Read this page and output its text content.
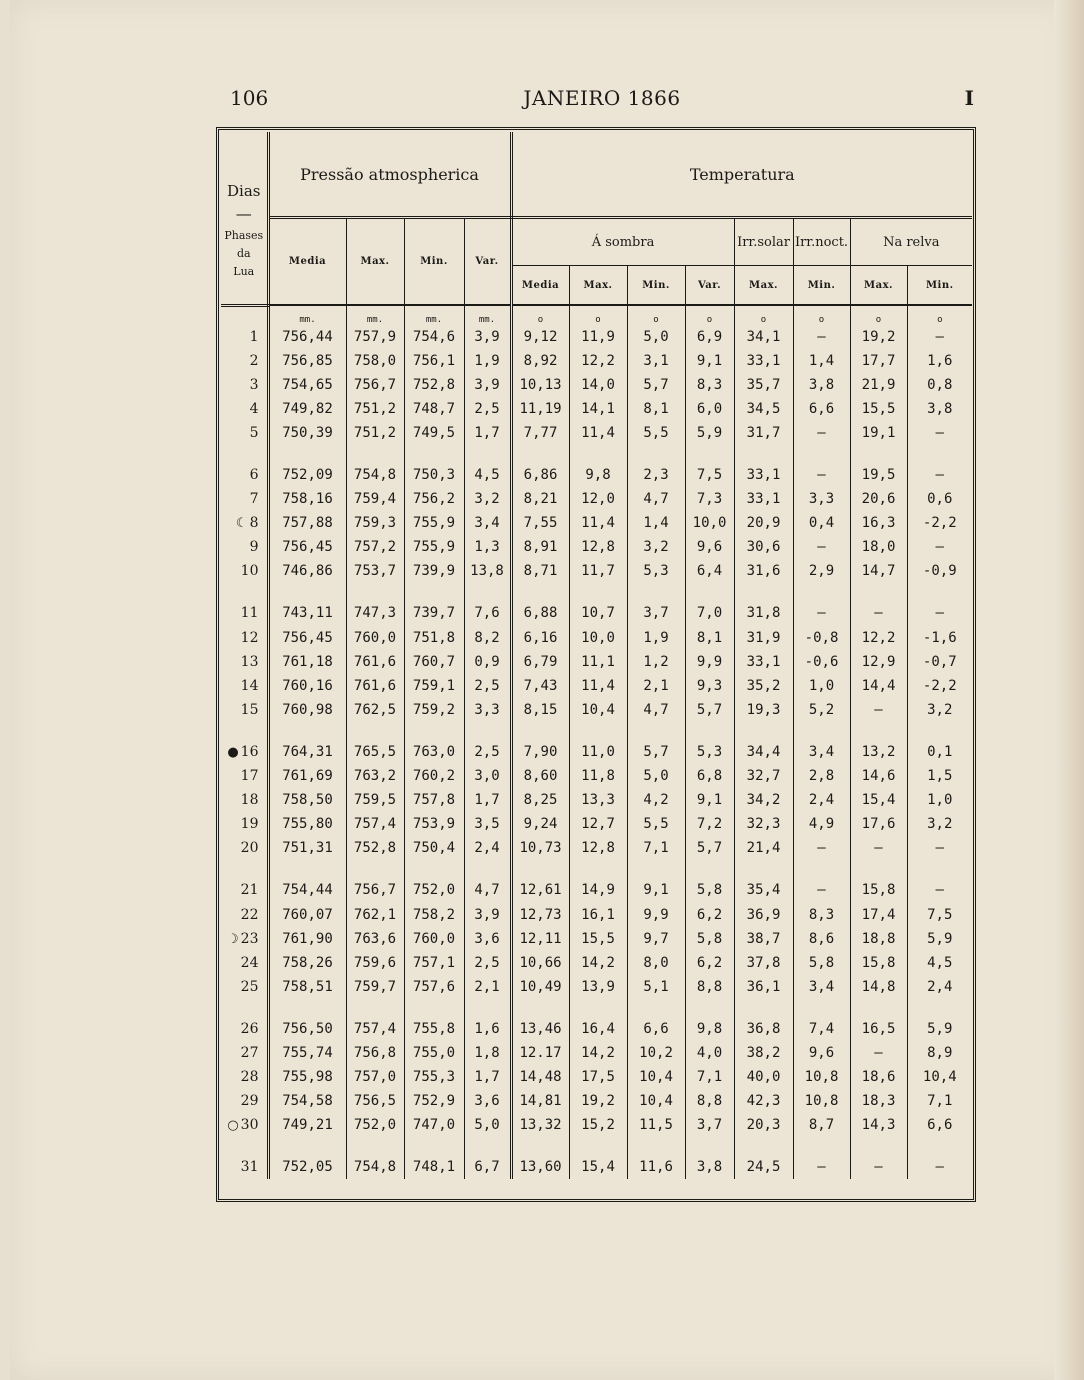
106	JANEIRO 1866	I
Dias
—
Phases
da
Lua	Pressão atmospherica				Temperatura							
	Media	Max.	Min.	Var.	Á sombra				Irr.solar	Irr.noct.	Na relva	
					Media	Max.	Min.	Var.	Max.	Min.	Max.	Min.
	mm.	mm.	mm.	mm.	o	o	o	o	o	o	o	o
1	756,44	757,9	754,6	3,9	9,12	11,9	5,0	6,9	34,1	—	19,2	—
2	756,85	758,0	756,1	1,9	8,92	12,2	3,1	9,1	33,1	1,4	17,7	1,6
3	754,65	756,7	752,8	3,9	10,13	14,0	5,7	8,3	35,7	3,8	21,9	0,8
4	749,82	751,2	748,7	2,5	11,19	14,1	8,1	6,0	34,5	6,6	15,5	3,8
5	750,39	751,2	749,5	1,7	7,77	11,4	5,5	5,9	31,7	—	19,1	—

6	752,09	754,8	750,3	4,5	6,86	9,8	2,3	7,5	33,1	—	19,5	—
7	758,16	759,4	756,2	3,2	8,21	12,0	4,7	7,3	33,1	3,3	20,6	0,6
☾ 8	757,88	759,3	755,9	3,4	7,55	11,4	1,4	10,0	20,9	0,4	16,3	-2,2
9	756,45	757,2	755,9	1,3	8,91	12,8	3,2	9,6	30,6	—	18,0	—
10	746,86	753,7	739,9	13,8	8,71	11,7	5,3	6,4	31,6	2,9	14,7	-0,9

11	743,11	747,3	739,7	7,6	6,88	10,7	3,7	7,0	31,8	—	—	—
12	756,45	760,0	751,8	8,2	6,16	10,0	1,9	8,1	31,9	-0,8	12,2	-1,6
13	761,18	761,6	760,7	0,9	6,79	11,1	1,2	9,9	33,1	-0,6	12,9	-0,7
14	760,16	761,6	759,1	2,5	7,43	11,4	2,1	9,3	35,2	1,0	14,4	-2,2
15	760,98	762,5	759,2	3,3	8,15	10,4	4,7	5,7	19,3	5,2	—	3,2

● 16	764,31	765,5	763,0	2,5	7,90	11,0	5,7	5,3	34,4	3,4	13,2	0,1
17	761,69	763,2	760,2	3,0	8,60	11,8	5,0	6,8	32,7	2,8	14,6	1,5
18	758,50	759,5	757,8	1,7	8,25	13,3	4,2	9,1	34,2	2,4	15,4	1,0
19	755,80	757,4	753,9	3,5	9,24	12,7	5,5	7,2	32,3	4,9	17,6	3,2
20	751,31	752,8	750,4	2,4	10,73	12,8	7,1	5,7	21,4	—	—	—

21	754,44	756,7	752,0	4,7	12,61	14,9	9,1	5,8	35,4	—	15,8	—
22	760,07	762,1	758,2	3,9	12,73	16,1	9,9	6,2	36,9	8,3	17,4	7,5
☽ 23	761,90	763,6	760,0	3,6	12,11	15,5	9,7	5,8	38,7	8,6	18,8	5,9
24	758,26	759,6	757,1	2,5	10,66	14,2	8,0	6,2	37,8	5,8	15,8	4,5
25	758,51	759,7	757,6	2,1	10,49	13,9	5,1	8,8	36,1	3,4	14,8	2,4

26	756,50	757,4	755,8	1,6	13,46	16,4	6,6	9,8	36,8	7,4	16,5	5,9
27	755,74	756,8	755,0	1,8	12.17	14,2	10,2	4,0	38,2	9,6	—	8,9
28	755,98	757,0	755,3	1,7	14,48	17,5	10,4	7,1	40,0	10,8	18,6	10,4
29	754,58	756,5	752,9	3,6	14,81	19,2	10,4	8,8	42,3	10,8	18,3	7,1
○ 30	749,21	752,0	747,0	5,0	13,32	15,2	11,5	3,7	20,3	8,7	14,3	6,6

31	752,05	754,8	748,1	6,7	13,60	15,4	11,6	3,8	24,5	—	—	—
